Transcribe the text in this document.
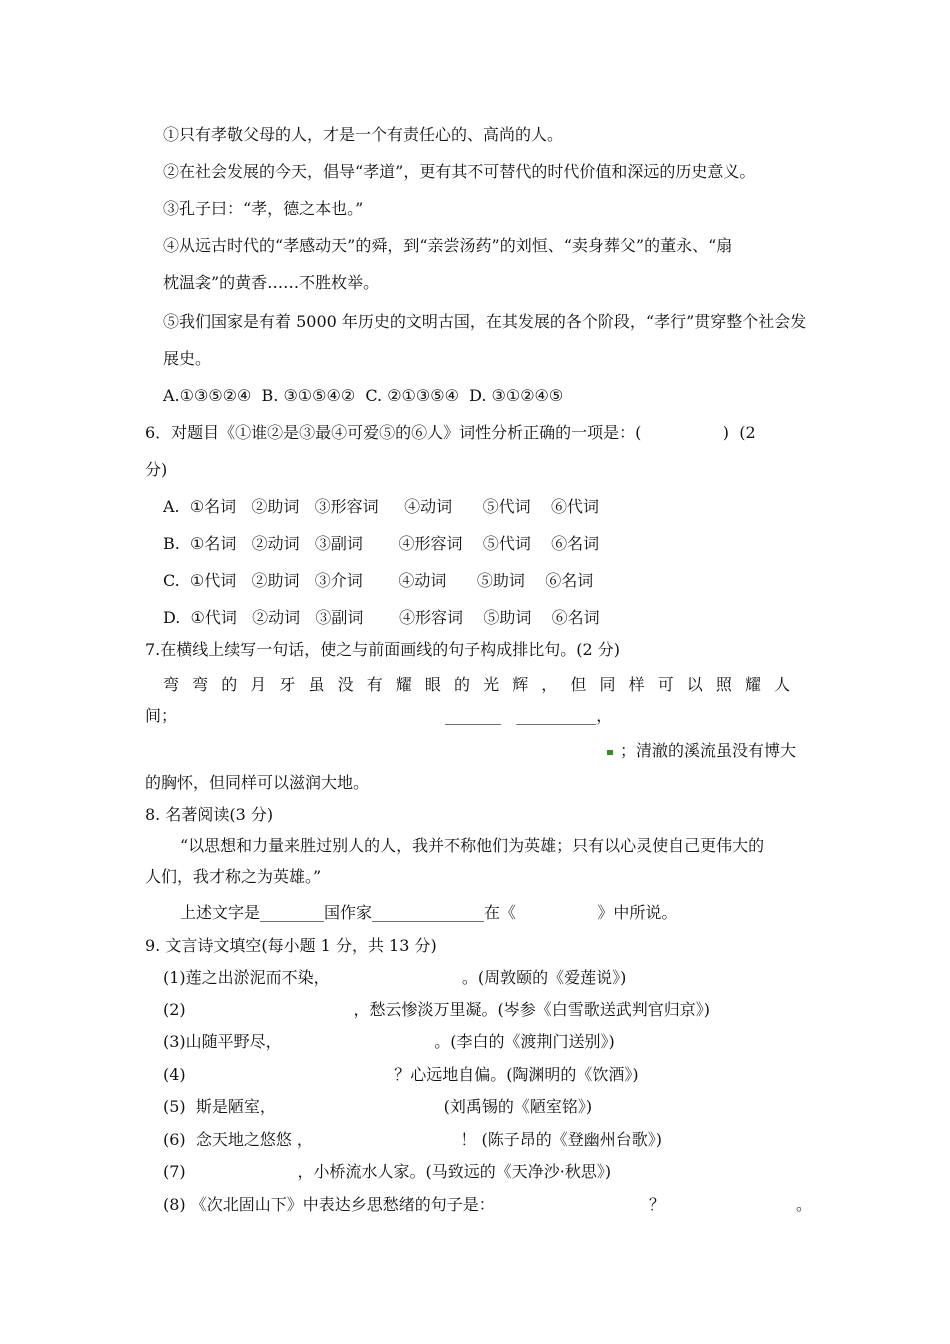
①只有孝敬父母的人，才是一个有责任心的、高尚的人。
②在社会发展的今天，倡导“孝道”，更有其不可替代的时代价值和深远的历史意义。
③孔子曰：“孝，德之本也。”
④从远古时代的“孝感动天”的舜，到“亲尝汤药”的刘恒、“卖身葬父”的董永、“扇
枕温衾”的黄香……不胜枚举。
⑤我们国家是有着 5000 年历史的文明古国，在其发展的各个阶段，“孝行”贯穿整个社会发
展史。
A.①③⑤②④  B. ③①⑤④②  C. ②①③⑤④  D. ③①②④⑤
6．对题目《①谁②是③最④可爱⑤的⑥人》词性分析正确的一项是：(                )  (2
分)
A.  ①名词   ②助词   ③形容词     ④动词      ⑤代词    ⑥代词
B.  ①名词   ②动词   ③副词       ④形容词    ⑤代词    ⑥名词
C.  ①代词   ②助词   ③介词       ④动词      ⑤助词    ⑥名词
D.  ①代词   ②动词   ③副词       ④形容词    ⑤助词    ⑥名词
7.在横线上续写一句话，使之与前面画线的句子构成排比句。(2 分)
弯弯的月牙虽没有耀眼的光辉，但同样可以照耀人
间；	_______   __________，
；清澈的溪流虽没有博大
的胸怀，但同样可以滋润大地。
8. 名著阅读(3 分)
“以思想和力量来胜过别人的人，我并不称他们为英雄；只有以心灵使自己更伟大的
人们，我才称之为英雄。”
上述文字是________国作家______________在《                》中所说。
9. 文言诗文填空(每小题 1 分，共 13 分)
(1)莲之出淤泥而不染，                          。(周敦颐的《爱莲说》)
(2)                                 ，愁云惨淡万里凝。(岑参《白雪歌送武判官归京》)
(3)山随平野尽，                              。(李白的《渡荆门送别》)
(4)                                         ？心远地自偏。(陶渊明的《饮酒》)
(5)  斯是陋室，                                 (刘禹锡的《陋室铭》)
(6)  念天地之悠悠 ，                             ！ (陈子昂的《登幽州台歌》)
(7)                      ，小桥流水人家。(马致远的《天净沙·秋思》)
(8) 《次北固山下》中表达乡思愁绪的句子是：	？	。
